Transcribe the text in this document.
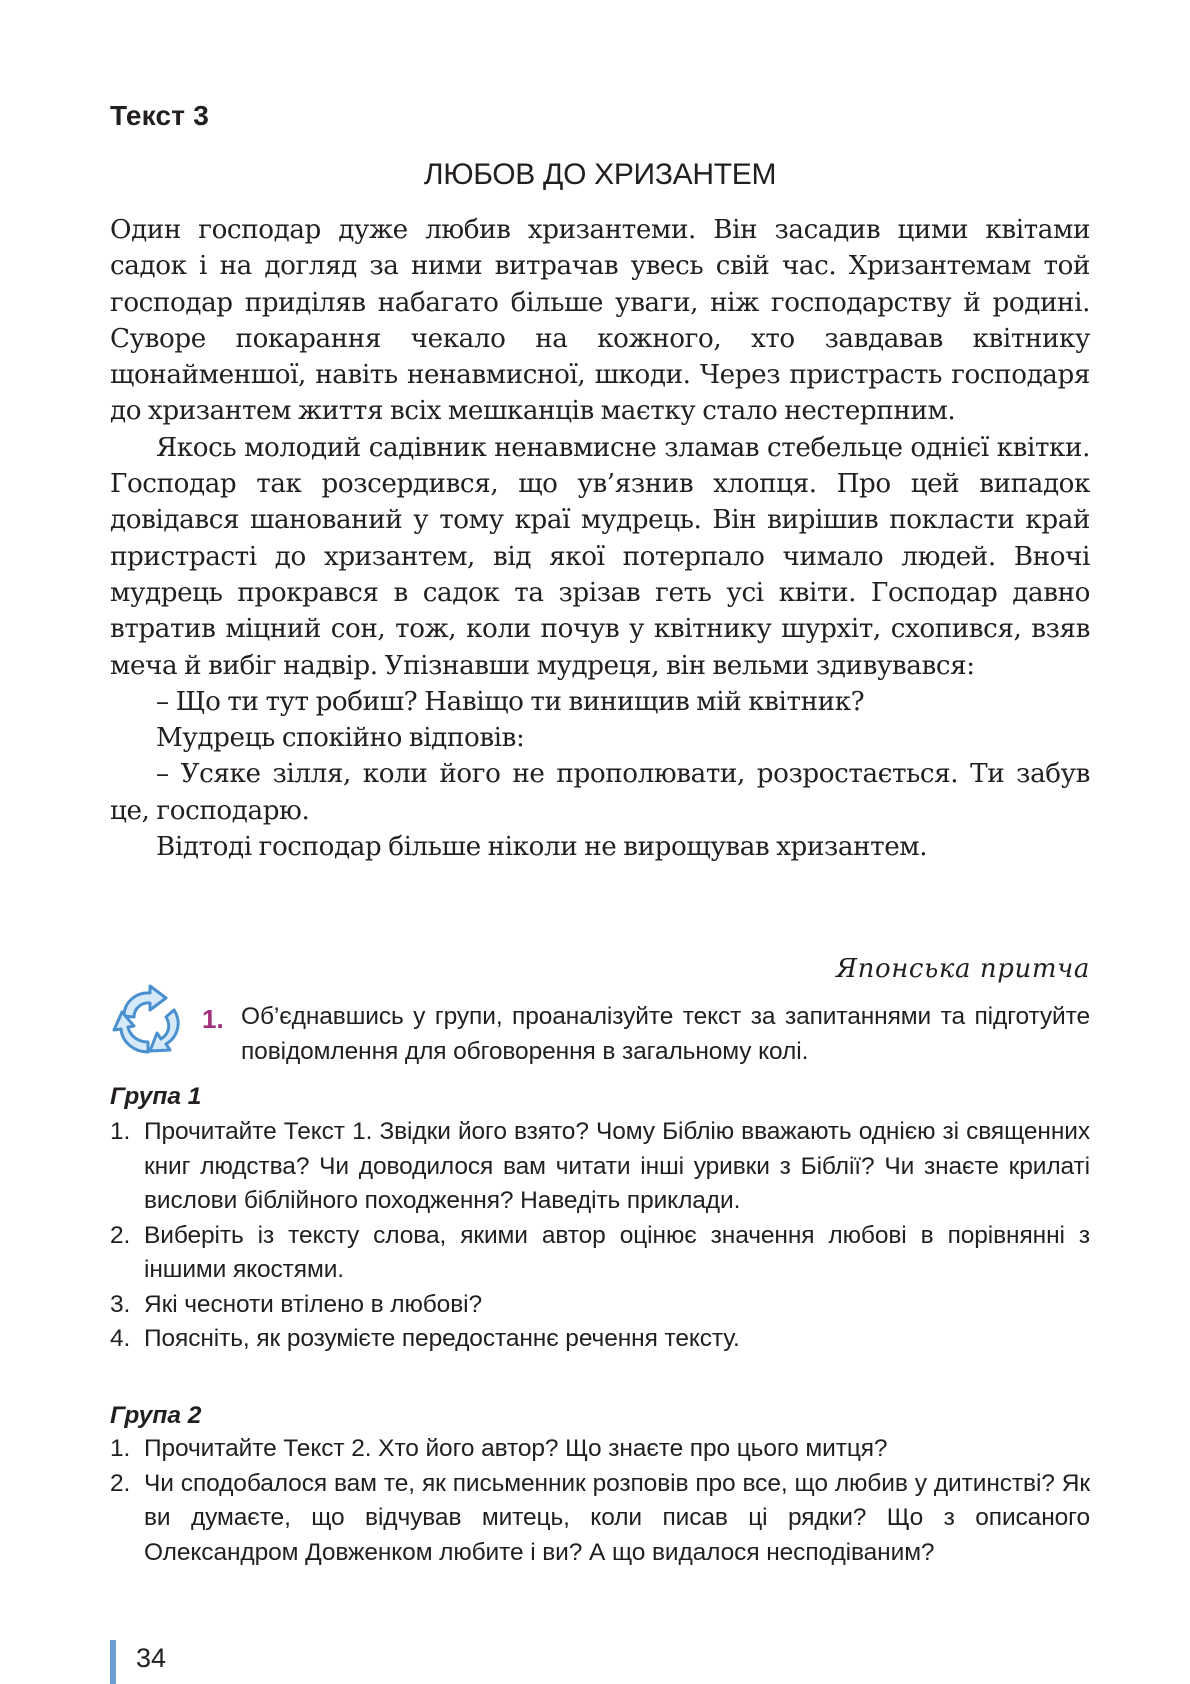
Текст 3
ЛЮБОВ ДО ХРИЗАНТЕМ

Один господар дуже любив хризантеми. Він засадив цими квітами садок і на догляд за ними витрачав увесь свій час. Хризантемам той господар приділяв набагато більше уваги, ніж господарству й родині. Суворе покарання чекало на кожного, хто завдавав квітнику щонайменшої, навіть ненавмисної, шкоди. Через пристрасть господаря до хризантем життя всіх мешканців маєтку стало нестерпним.

Якось молодий садівник ненавмисне зламав стебельце однієї квітки. Господар так розсердився, що ув’язнив хлопця. Про цей випадок довідався шанований у тому краї мудрець. Він вирішив покласти край пристрасті до хризантем, від якої потерпало чимало людей. Вночі мудрець прокрався в садок та зрізав геть усі квіти. Господар давно втратив міцний сон, тож, коли почув у квітнику шурхіт, схопився, взяв меча й вибіг надвір. Упізнавши мудреця, він вельми здивувався:

– Що ти тут робиш? Навіщо ти винищив мій квітник?

Мудрець спокійно відповів:

– Усяке зілля, коли його не прополювати, розростається. Ти забув це, господарю.

Відтоді господар більше ніколи не вирощував хризантем.

Японська притча
1. Об’єднавшись у групи, проаналізуйте текст за запитаннями та підготуйте повідомлення для обговорення в загальному колі.
Група 1
1. Прочитайте Текст 1. Звідки його взято? Чому Біблію вважають однією зі священних книг людства? Чи доводилося вам читати інші уривки з Біблії? Чи знаєте крилаті вислови біблійного походження? Наведіть приклади.
2. Виберіть із тексту слова, якими автор оцінює значення любові в порівнянні з іншими якостями.
3. Які чесноти втілено в любові?
4. Поясніть, як розумієте передостаннє речення тексту.
Група 2
1. Прочитайте Текст 2. Хто його автор? Що знаєте про цього митця?
2. Чи сподобалося вам те, як письменник розповів про все, що любив у дитинстві? Як ви думаєте, що відчував митець, коли писав ці рядки? Що з описаного Олександром Довженком любите і ви? А що видалося несподіваним?
34
